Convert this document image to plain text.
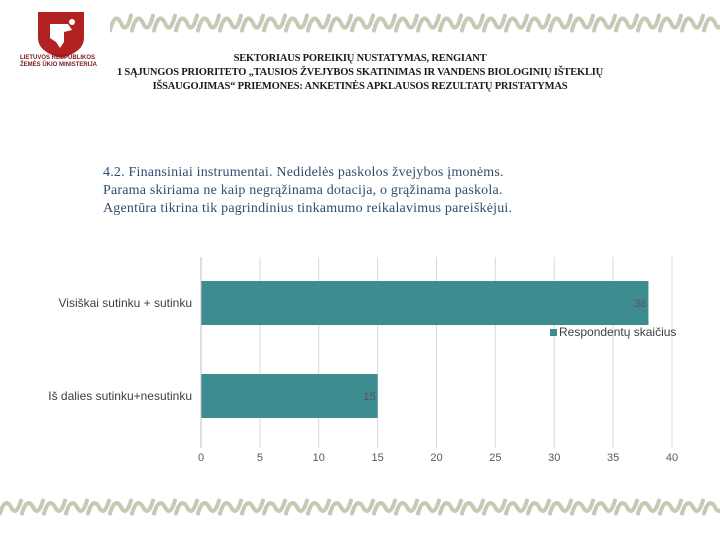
LIETUVOS RESPUBLIKOS
ŽEMĖS ŪKIO MINISTERIJA
SEKTORIAUS POREIKIŲ NUSTATYMAS, RENGIANT
1 SĄJUNGOS PRIORITETO „TAUSIOS ŽVEJYBOS SKATINIMAS IR VANDENS BIOLOGINIŲ IŠTEKLIŲ
IŠSAUGOJIMAS“ PRIEMONES: ANKETINĖS APKLAUSOS REZULTATŲ PRISTATYMAS
4.2. Finansiniai instrumentai. Nedidelės paskolos žvejybos įmonėms.
Parama skiriama ne kaip negrąžinama dotacija, o grąžinama paskola.
Agentūra tikrina tik pagrindinius tinkamumo reikalavimus pareiškėjui.
0	5	10	15	20	25	30	35	40
38
Visiškai sutinku + sutinku
15
Iš dalies sutinku+nesutinku
Respondentų skaičius
